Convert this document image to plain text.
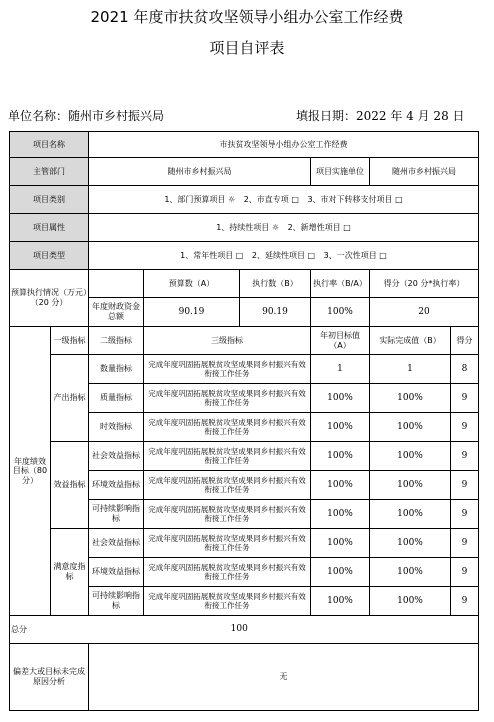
2021 年度市扶贫攻坚领导小组办公室工作经费
项目自评表
单位名称：随州市乡村振兴局	填报日期：2022 年 4 月 28 日
项目名称		市扶贫攻坚领导小组办公室工作经费					
主管部门		随州市乡村振兴局			项目实施单位	随州市乡村振兴局	
项目类别		1、部门预算项目 ☼ 2、市直专项 □ 3、市对下转移支付项目 □					
项目属性		1、持续性项目 ☼ 2、新增性项目 □					
项目类型		1、常年性项目 □ 2、延续性项目 □ 3、一次性项目 □					
预算执行情况（万元）（20 分）			预算数（A）	执行数（B）	执行率（B/A）	得分（20 分*执行率）	
		年度财政资金总额	90.19	90.19	100%	20	
年度绩效目标（80 分）	一级指标	二级指标	三级指标		年初目标值（A）	实际完成值（B）	得分
	产出指标	数量指标	完成年度巩固拓展脱贫攻坚成果同乡村振兴有效衔接工作任务		1	1	8
		质量指标	完成年度巩固拓展脱贫攻坚成果同乡村振兴有效衔接工作任务		100%	100%	9
		时效指标	完成年度巩固拓展脱贫攻坚成果同乡村振兴有效衔接工作任务		100%	100%	9
	效益指标	社会效益指标	完成年度巩固拓展脱贫攻坚成果同乡村振兴有效衔接工作任务		100%	100%	9
		环境效益指标	完成年度巩固拓展脱贫攻坚成果同乡村振兴有效衔接工作任务		100%	100%	9
		可持续影响指标	完成年度巩固拓展脱贫攻坚成果同乡村振兴有效衔接工作任务		100%	100%	9
	满意度指标	社会效益指标	完成年度巩固拓展脱贫攻坚成果同乡村振兴有效衔接工作任务		100%	100%	9
		环境效益指标	完成年度巩固拓展脱贫攻坚成果同乡村振兴有效衔接工作任务		100%	100%	9
		可持续影响指标	完成年度巩固拓展脱贫攻坚成果同乡村振兴有效衔接工作任务		100%	100%	9
总分	100						
偏差大或目标未完成原因分析		无					
